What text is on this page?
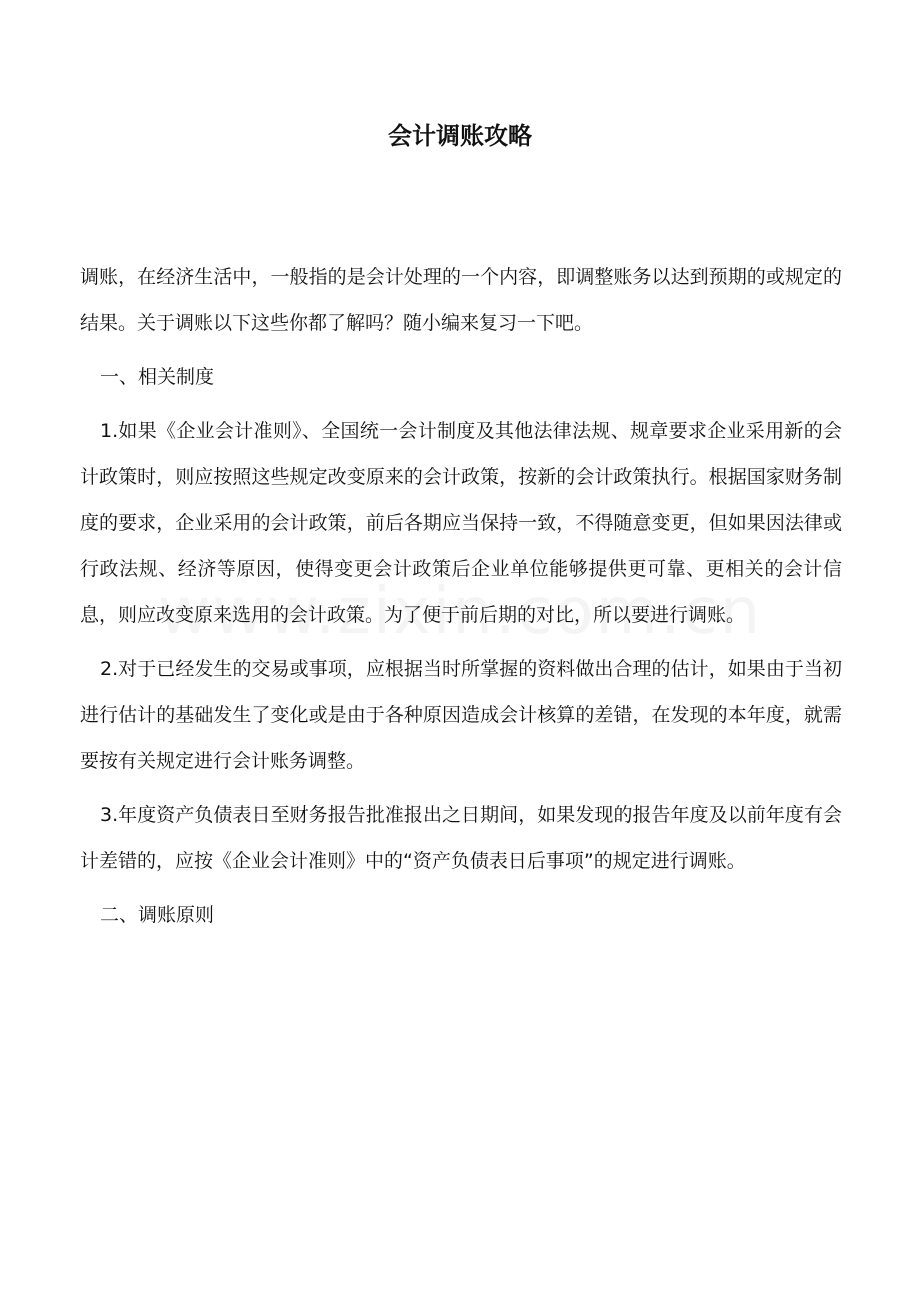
会计调账攻略

调账，在经济生活中，一般指的是会计处理的一个内容，即调整账务以达到预期的或规定的结果。关于调账以下这些你都了解吗？随小编来复习一下吧。

一、相关制度

1.如果《企业会计准则》、全国统一会计制度及其他法律法规、规章要求企业采用新的会计政策时，则应按照这些规定改变原来的会计政策，按新的会计政策执行。根据国家财务制度的要求，企业采用的会计政策，前后各期应当保持一致，不得随意变更，但如果因法律或行政法规、经济等原因，使得变更会计政策后企业单位能够提供更可靠、更相关的会计信息，则应改变原来选用的会计政策。为了便于前后期的对比，所以要进行调账。

2.对于已经发生的交易或事项，应根据当时所掌握的资料做出合理的估计，如果由于当初进行估计的基础发生了变化或是由于各种原因造成会计核算的差错，在发现的本年度，就需要按有关规定进行会计账务调整。

3.年度资产负债表日至财务报告批准报出之日期间，如果发现的报告年度及以前年度有会计差错的，应按《企业会计准则》中的“资产负债表日后事项”的规定进行调账。

二、调账原则
